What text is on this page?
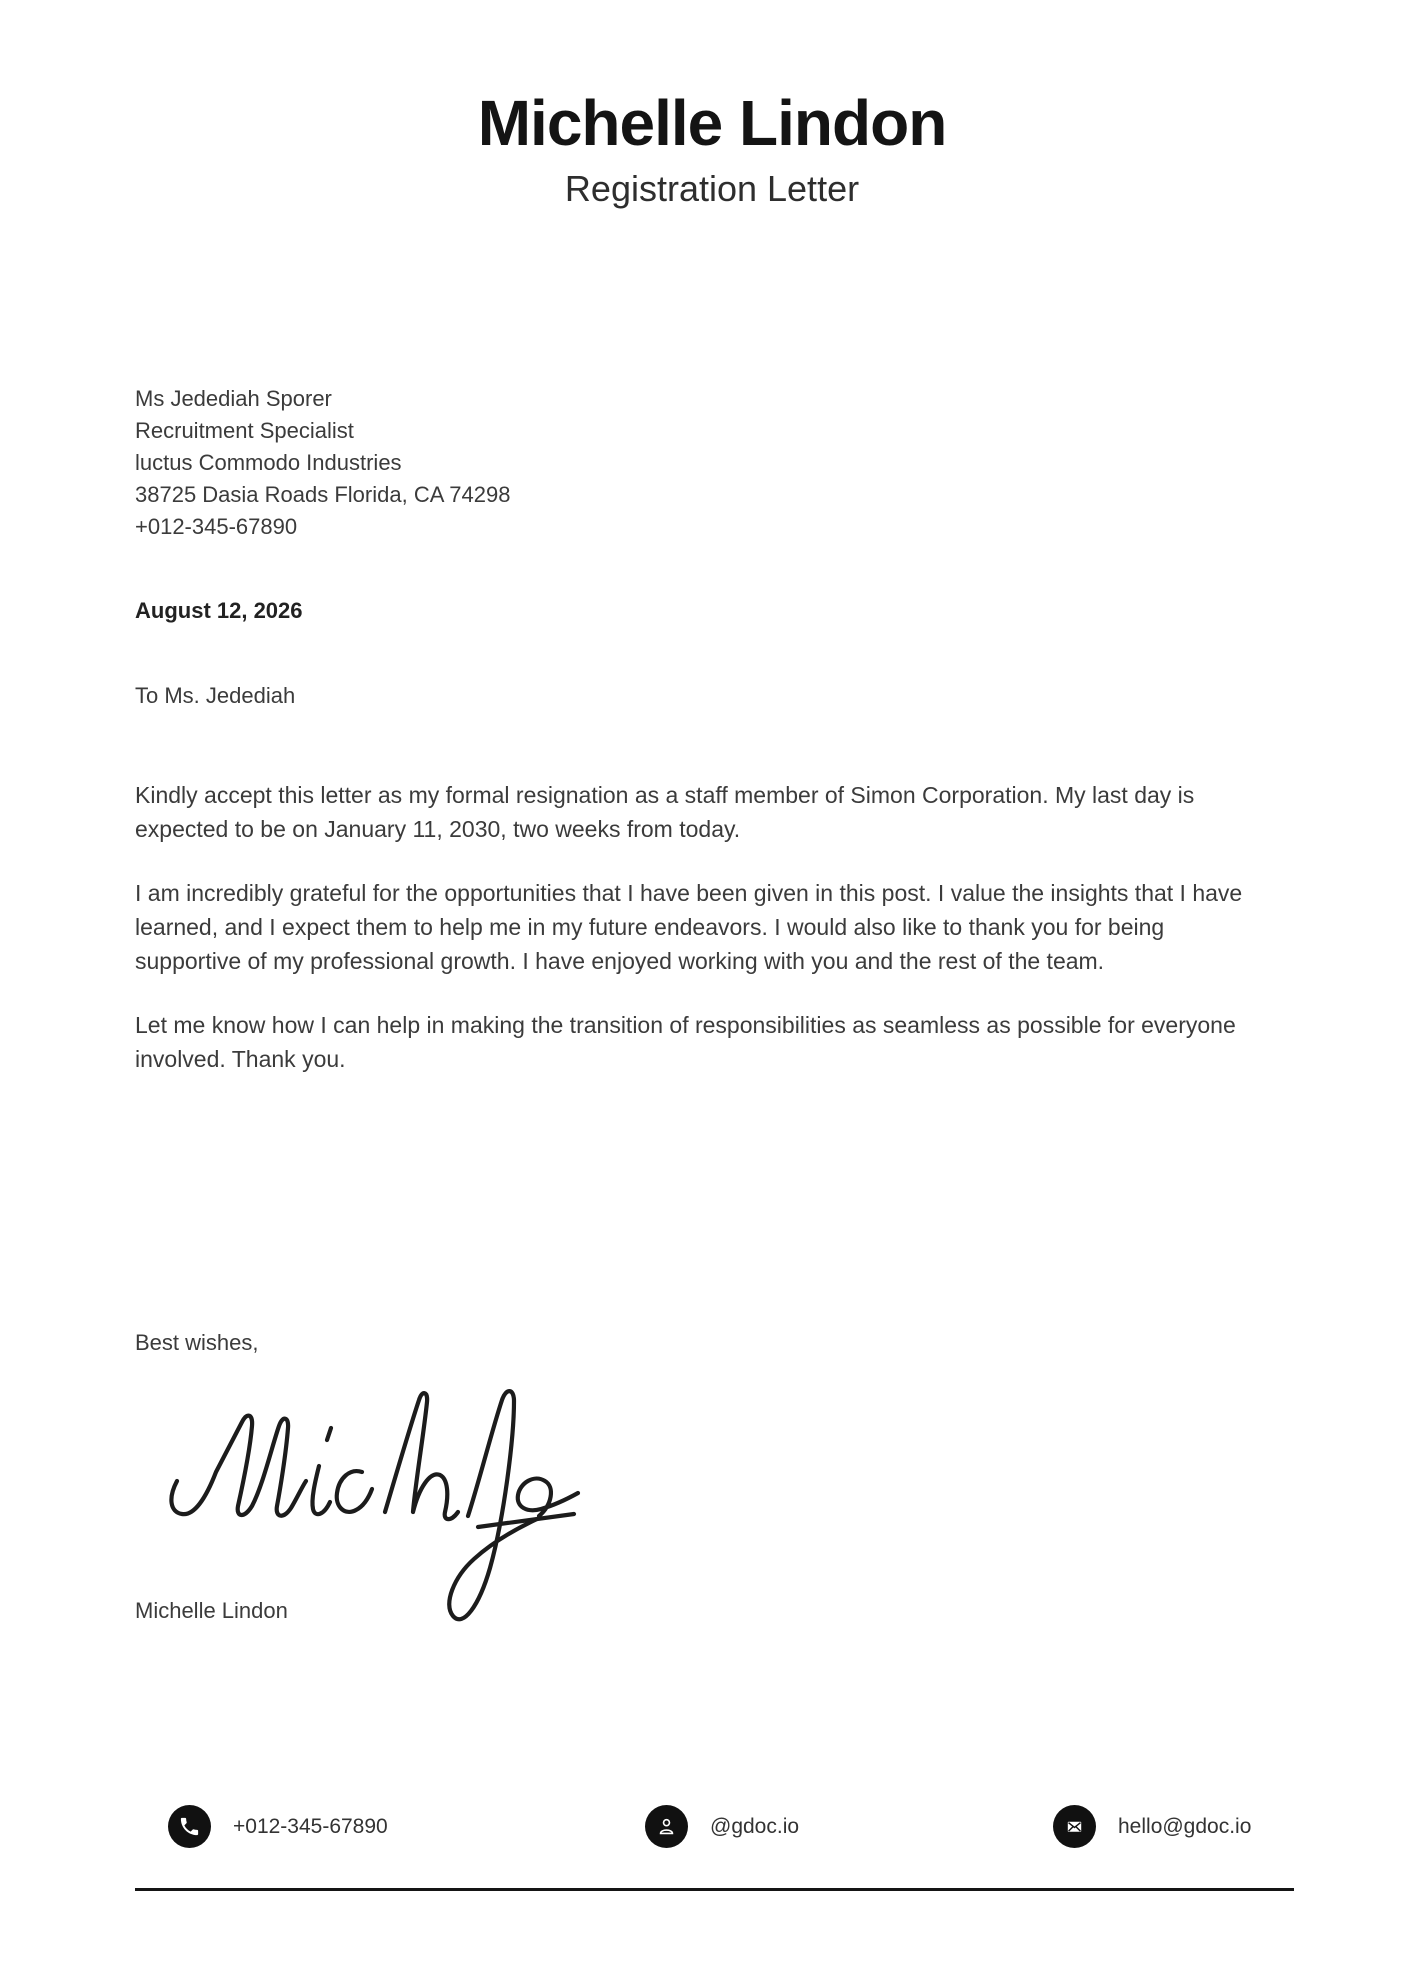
Michelle Lindon
Registration Letter
Ms Jedediah Sporer
Recruitment Specialist
luctus Commodo Industries
38725 Dasia Roads Florida, CA 74298
+012-345-67890
August 12, 2026
To Ms. Jedediah

Kindly accept this letter as my formal resignation as a staff member of Simon Corporation. My last day is expected to be on January 11, 2030, two weeks from today.

I am incredibly grateful for the opportunities that I have been given in this post. I value the insights that I have learned, and I expect them to help me in my future endeavors. I would also like to thank you for being supportive of my professional growth. I have enjoyed working with you and the rest of the team.

Let me know how I can help in making the transition of responsibilities as seamless as possible for everyone involved. Thank you.

Best wishes,
Michelle Lindon
+012-345-67890	@gdoc.io	hello@gdoc.io
